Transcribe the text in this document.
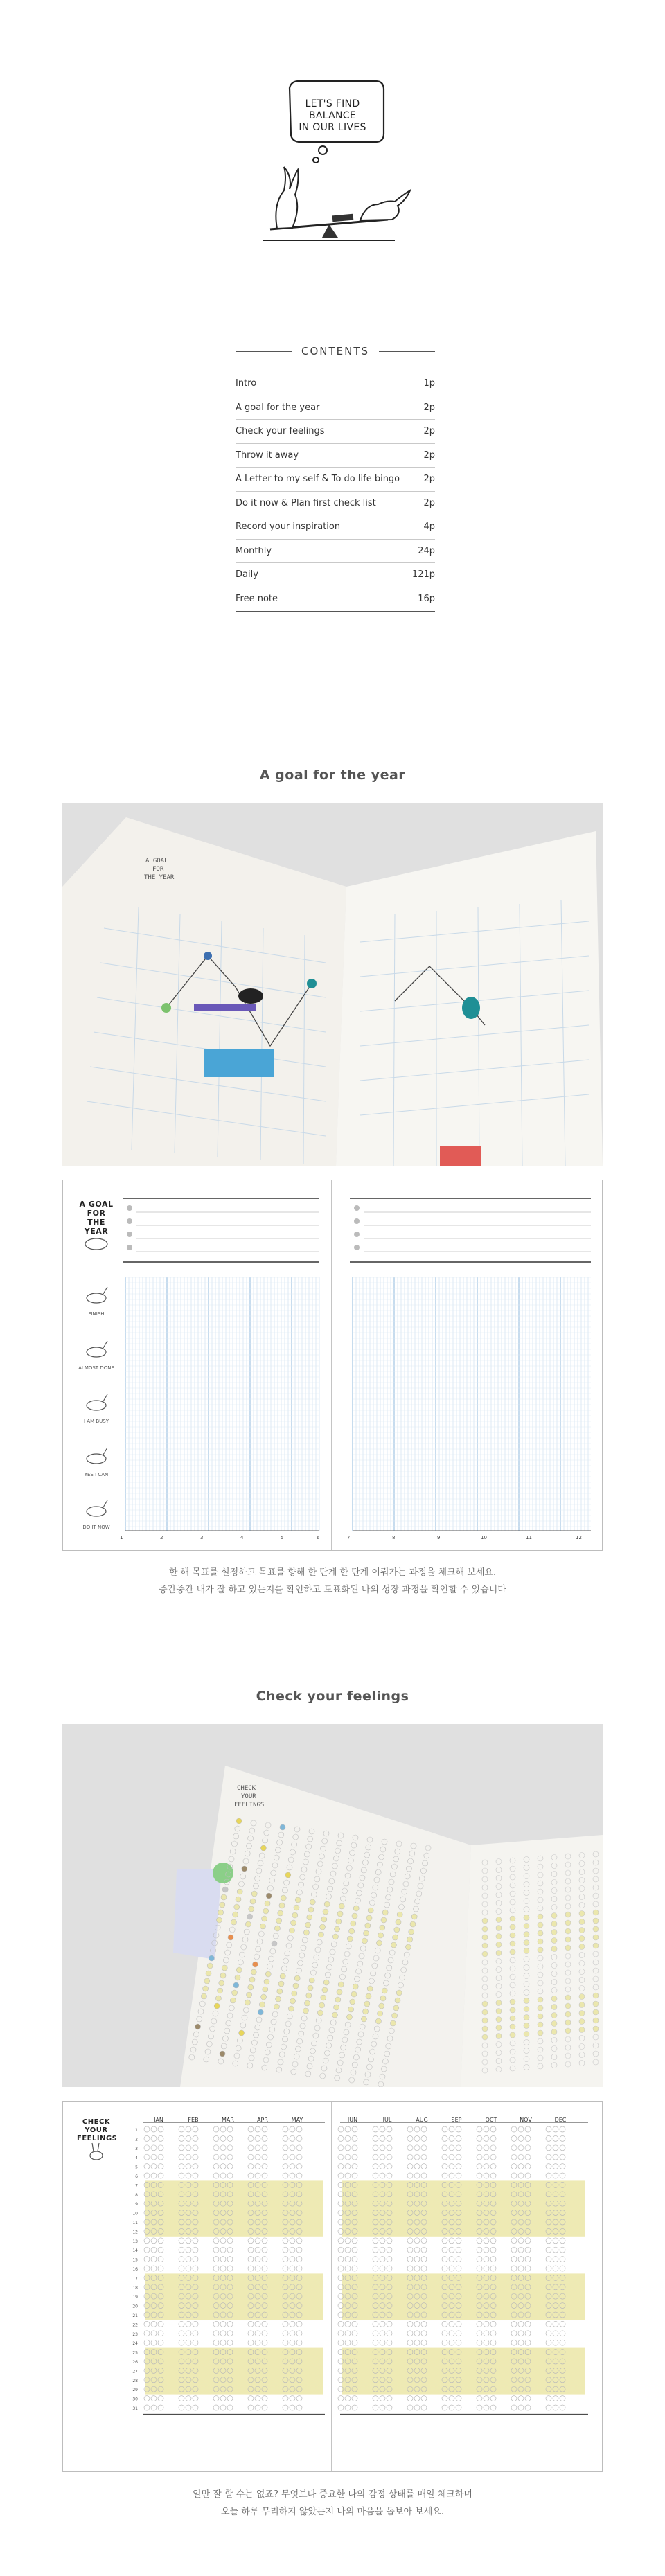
LET'S FIND
BALANCE
IN OUR LIVES
CONTENTS
Intro	1p
A goal for the year	2p
Check your feelings	2p
Throw it away	2p
A Letter to my self & To do life bingo	2p
Do it now & Plan first check list	2p
Record your inspiration	4p
Monthly	24p
Daily	121p
Free note	16p
A goal for the year
A GOAL
FOR
THE YEAR
A GOAL
FOR
THE YEAR
FINISH
ALMOST DONE
I AM BUSY
YES I CAN
DO IT NOW
1	2	3	4	5	6	7	8	9	10	11	12
한 해 목표를 설정하고 목표를 향해 한 단계 한 단계 이뤄가는 과정을 체크해 보세요.
중간중간 내가 잘 하고 있는지를 확인하고 도표화된 나의 성장 과정을 확인할 수 있습니다
Check your feelings
CHECK
YOUR
FEELINGS
1
2
3
4
5
6
7
8
9
10
11
12
13
14
15
16
17
18
19
20
21
22
23
24
25
26
27
28
29
30
31
CHECK
YOUR
FEELINGS
JAN	FEB	MAR	APR	MAY	JUN	JUL	AUG	SEP	OCT	NOV	DEC
일만 잘 할 수는 없죠? 무엇보다 중요한 나의 감정 상태를 매일 체크하며
오늘 하루 무리하지 않았는지 나의 마음을 돌보아 보세요.
